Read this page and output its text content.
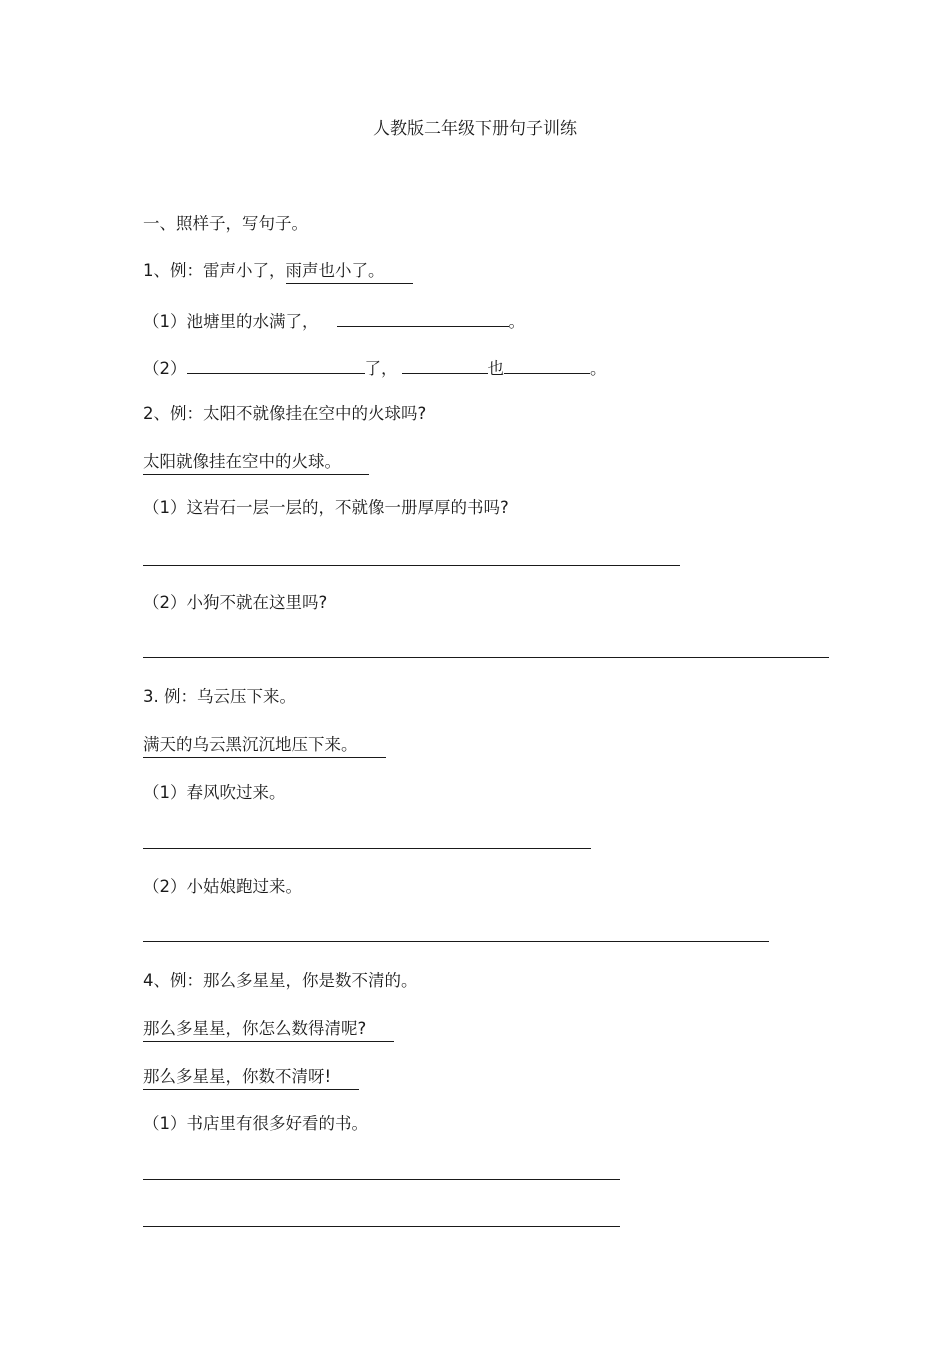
人教版二年级下册句子训练
一、照样子，写句子。
1、例：雷声小了，雨声也小了。
（1）池塘里的水满了，	。
（2）	了，	也	。
2、例：太阳不就像挂在空中的火球吗?
太阳就像挂在空中的火球。
（1）这岩石一层一层的，不就像一册厚厚的书吗?
（2）小狗不就在这里吗?
3. 例：乌云压下来。
满天的乌云黑沉沉地压下来。
（1）春风吹过来。
（2）小姑娘跑过来。
4、例：那么多星星，你是数不清的。
那么多星星，你怎么数得清呢?
那么多星星，你数不清呀!
（1）书店里有很多好看的书。
